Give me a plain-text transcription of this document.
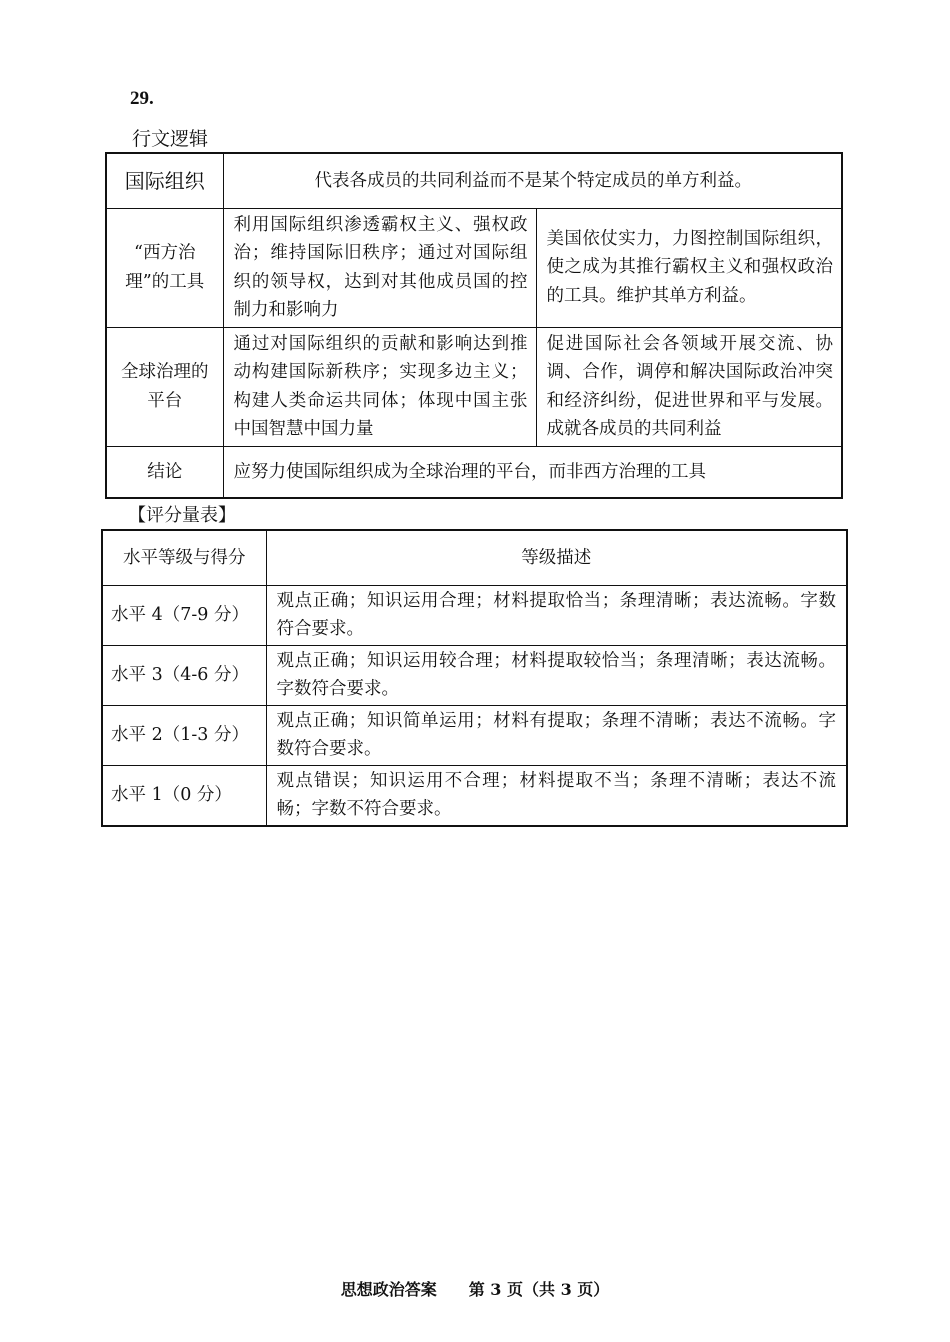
29.
行文逻辑
国际组织	代表各成员的共同利益而不是某个特定成员的单方利益。	

“西方治理”的工具	利用国际组织渗透霸权主义、强权政治；维持国际旧秩序；通过对国际组织的领导权，达到对其他成员国的控制力和影响力	美国依仗实力，力图控制国际组织，使之成为其推行霸权主义和强权政治的工具。维护其单方利益。

全球治理的平台	通过对国际组织的贡献和影响达到推动构建国际新秩序；实现多边主义；构建人类命运共同体；体现中国主张中国智慧中国力量	促进国际社会各领域开展交流、协调、合作，调停和解决国际政治冲突和经济纠纷，促进世界和平与发展。成就各成员的共同利益
结论	应努力使国际组织成为全球治理的平台，而非西方治理的工具	
【评分量表】
水平等级与得分	等级描述
水平 4（7-9 分）	观点正确；知识运用合理；材料提取恰当；条理清晰；表达流畅。字数符合要求。
水平 3（4-6 分）	观点正确；知识运用较合理；材料提取较恰当；条理清晰；表达流畅。字数符合要求。
水平 2（1-3 分）	观点正确；知识简单运用；材料有提取；条理不清晰；表达不流畅。字数符合要求。
水平 1（0 分）	观点错误；知识运用不合理；材料提取不当；条理不清晰；表达不流畅；字数不符合要求。
思想政治答案 第 3 页（共 3 页）
